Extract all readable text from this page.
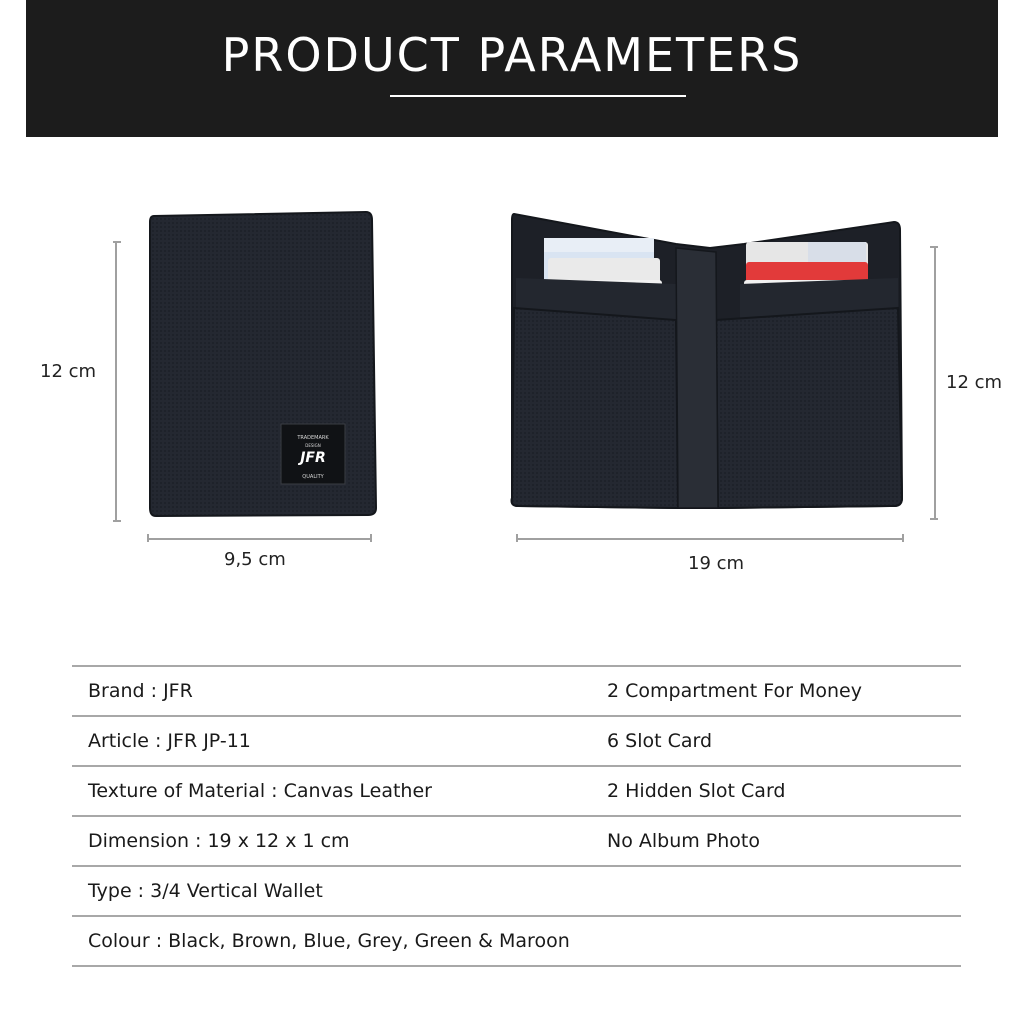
PRODUCT PARAMETERS
12 cm
9,5 cm
TRADEMARK
DESIGN
JFR
QUALITY
12 cm
19 cm
Brand : JFR	2 Compartment For Money
Article : JFR JP-11	6 Slot Card
Texture of Material : Canvas Leather	2 Hidden Slot Card
Dimension : 19 x 12 x 1 cm	No Album Photo
Type : 3/4 Vertical Wallet
Colour : Black, Brown, Blue, Grey, Green & Maroon
